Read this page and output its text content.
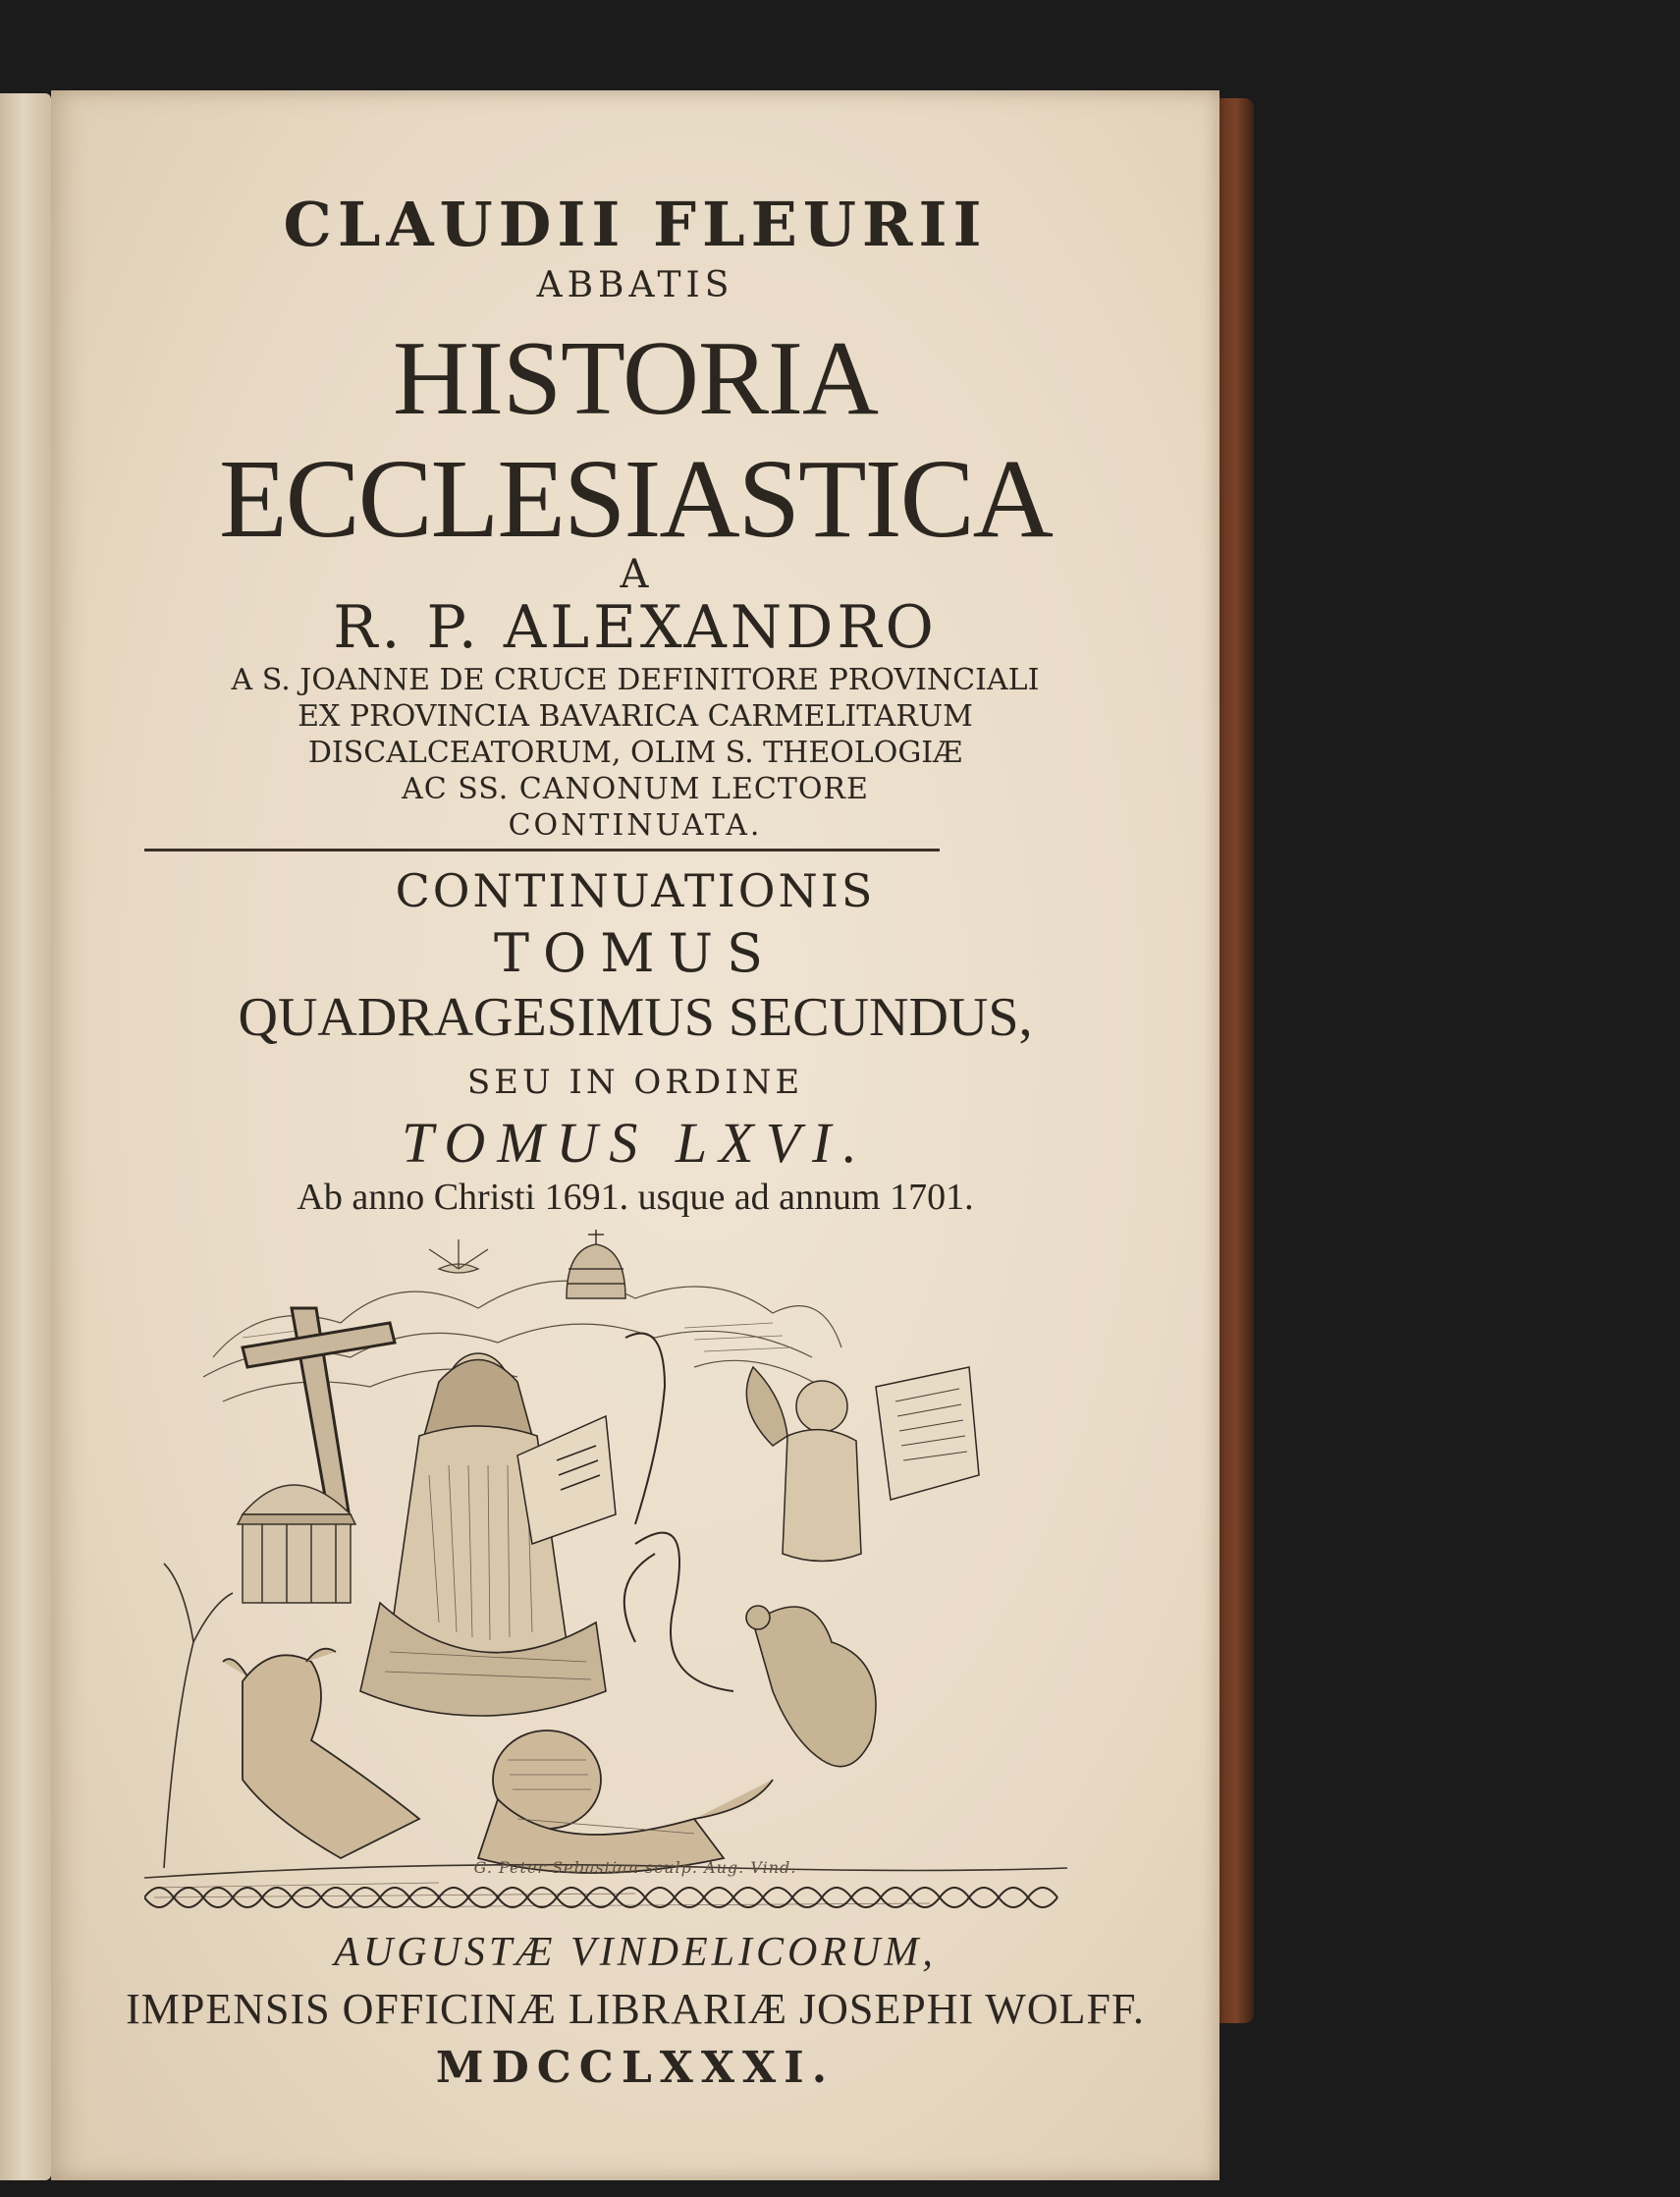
CLAUDII FLEURII
ABBATIS
HISTORIA
ECCLESIASTICA
A
R. P. ALEXANDRO
A S. JOANNE DE CRUCE DEFINITORE PROVINCIALI
EX PROVINCIA BAVARICA CARMELITARUM
DISCALCEATORUM, OLIM S. THEOLOGIÆ
AC SS. CANONUM LECTORE
CONTINUATA.
CONTINUATIONIS
TOMUS
QUADRAGESIMUS SECUNDUS,
SEU IN ORDINE
TOMUS LXVI.
Ab anno Christi 1691. usque ad annum 1701.
G. Peter Sebastian sculp. Aug. Vind.
AUGUSTÆ VINDELICORUM,
IMPENSIS OFFICINÆ LIBRARIÆ JOSEPHI WOLFF.
MDCCLXXXI.
